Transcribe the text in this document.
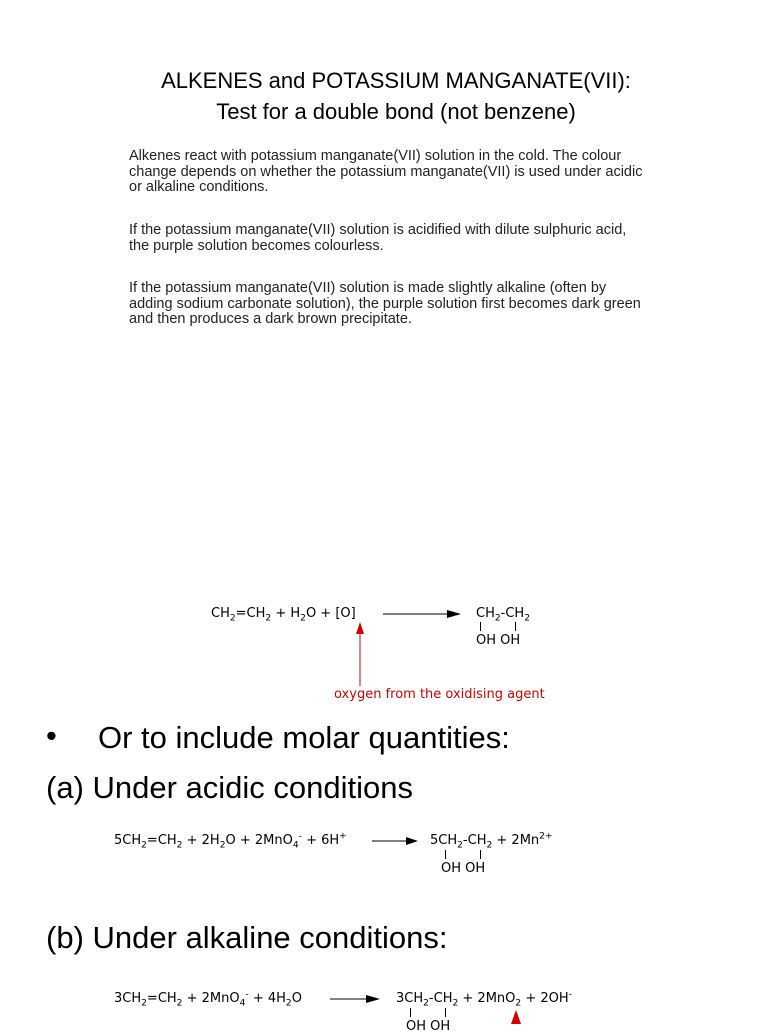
ALKENES and POTASSIUM MANGANATE(VII):
Test for a double bond (not benzene)

Alkenes react with potassium manganate(VII) solution in the cold. The colour change depends on whether the potassium manganate(VII) is used under acidic or alkaline conditions.

If the potassium manganate(VII) solution is acidified with dilute sulphuric acid, the purple solution becomes colourless.

If the potassium manganate(VII) solution is made slightly alkaline (often by adding sodium carbonate solution), the purple solution first becomes dark green and then produces a dark brown precipitate.

$CH_2=CH_2 + H_2O + [O]$	$CH_2-CH_2$
OH OH
oxygen from the oxidising agent
• Or to include molar quantities:
(a) Under acidic conditions
$5CH_2=CH_2 + 2H_2O + 2MnO_4^- + 6H^+ \to 5CH_2-CH_2 + 2Mn^{2+}$
OH OH
(b) Under alkaline conditions:
$3CH_2=CH_2 + 2MnO_4^- + 4H_2O \to 3CH_2-CH_2 + 2MnO_2 + 2OH^-$
OH OH
